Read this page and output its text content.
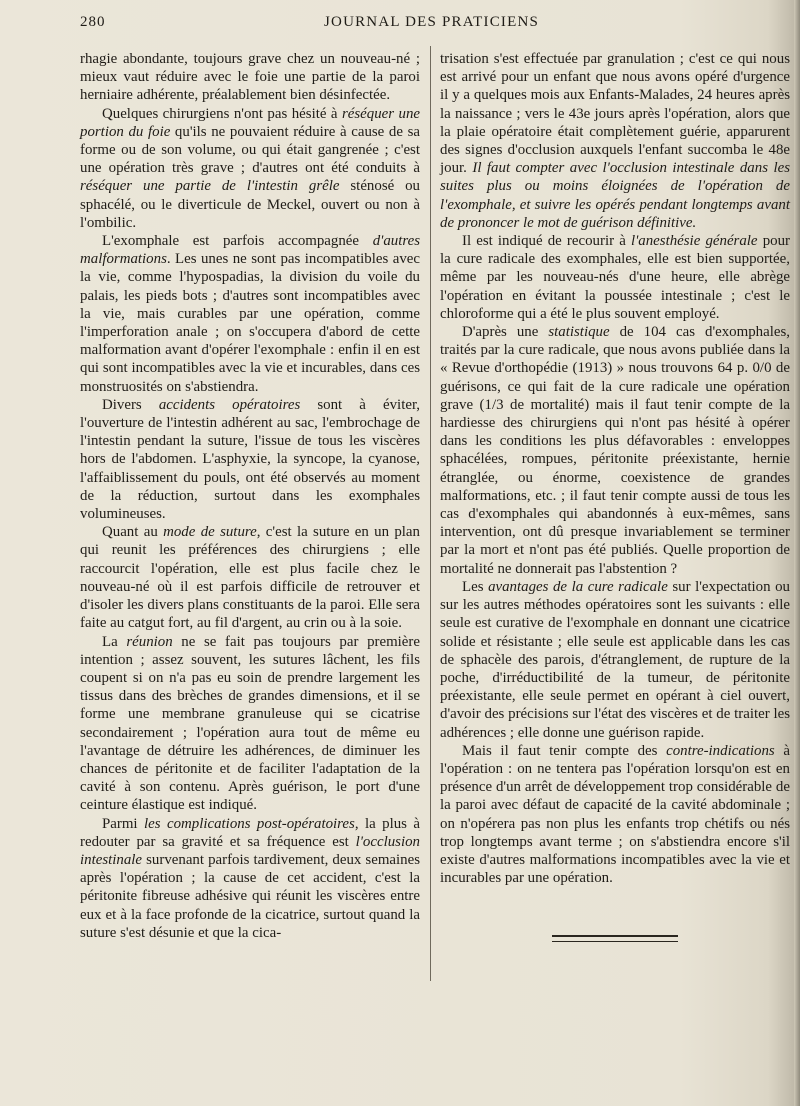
280	JOURNAL DES PRATICIENS

rhagie abondante, toujours grave chez un nouveau-né ; mieux vaut réduire avec le foie une partie de la paroi herniaire adhérente, préalablement bien désinfectée.

Quelques chirurgiens n'ont pas hésité à réséquer une portion du foie qu'ils ne pouvaient réduire à cause de sa forme ou de son volume, ou qui était gangrenée ; c'est une opération très grave ; d'autres ont été conduits à réséquer une partie de l'intestin grêle sténosé ou sphacélé, ou le diverticule de Meckel, ouvert ou non à l'ombilic.

L'exomphale est parfois accompagnée d'autres malformations. Les unes ne sont pas incompatibles avec la vie, comme l'hypospadias, la division du voile du palais, les pieds bots ; d'autres sont incompatibles avec la vie, mais curables par une opération, comme l'imperforation anale ; on s'occupera d'abord de cette malformation avant d'opérer l'exomphale : enfin il en est qui sont incompatibles avec la vie et incurables, dans ces monstruosités on s'abstiendra.

Divers accidents opératoires sont à éviter, l'ouverture de l'intestin adhérent au sac, l'embrochage de l'intestin pendant la suture, l'issue de tous les viscères hors de l'abdomen. L'asphyxie, la syncope, la cyanose, l'affaiblissement du pouls, ont été observés au moment de la réduction, surtout dans les exomphales volumineuses.

Quant au mode de suture, c'est la suture en un plan qui reunit les préférences des chirurgiens ; elle raccourcit l'opération, elle est plus facile chez le nouveau-né où il est parfois difficile de retrouver et d'isoler les divers plans constituants de la paroi. Elle sera faite au catgut fort, au fil d'argent, au crin ou à la soie.

La réunion ne se fait pas toujours par première intention ; assez souvent, les sutures lâchent, les fils coupent si on n'a pas eu soin de prendre largement les tissus dans des brèches de grandes dimensions, et il se forme une membrane granuleuse qui se cicatrise secondairement ; l'opération aura tout de même eu l'avantage de détruire les adhérences, de diminuer les chances de péritonite et de faciliter l'adaptation de la cavité à son contenu. Après guérison, le port d'une ceinture élastique est indiqué.

Parmi les complications post-opératoires, la plus à redouter par sa gravité et sa fréquence est l'occlusion intestinale survenant parfois tardivement, deux semaines après l'opération ; la cause de cet accident, c'est la péritonite fibreuse adhésive qui réunit les viscères entre eux et à la face profonde de la cicatrice, surtout quand la suture s'est désunie et que la cica-

trisation s'est effectuée par granulation ; c'est ce qui nous est arrivé pour un enfant que nous avons opéré d'urgence il y a quelques mois aux Enfants-Malades, 24 heures après la naissance ; vers le 43e jours après l'opération, alors que la plaie opératoire était complètement guérie, apparurent des signes d'occlusion auxquels l'enfant succomba le 48e jour. Il faut compter avec l'occlusion intestinale dans les suites plus ou moins éloignées de l'opération de l'exomphale, et suivre les opérés pendant longtemps avant de prononcer le mot de guérison définitive.

Il est indiqué de recourir à l'anesthésie générale pour la cure radicale des exomphales, elle est bien supportée, même par les nouveau-nés d'une heure, elle abrège l'opération en évitant la poussée intestinale ; c'est le chloroforme qui a été le plus souvent employé.

D'après une statistique de 104 cas d'exomphales, traités par la cure radicale, que nous avons publiée dans la « Revue d'orthopédie (1913) » nous trouvons 64 p. 0/0 de guérisons, ce qui fait de la cure radicale une opération grave (1/3 de mortalité) mais il faut tenir compte de la hardiesse des chirurgiens qui n'ont pas hésité à opérer dans les conditions les plus défavorables : enveloppes sphacélées, rompues, péritonite préexistante, hernie étranglée, ou énorme, coexistence de grandes malformations, etc. ; il faut tenir compte aussi de tous les cas d'exomphales qui abandonnés à eux-mêmes, sans intervention, ont dû presque invariablement se terminer par la mort et n'ont pas été publiés. Quelle proportion de mortalité ne donnerait pas l'abstention ?

Les avantages de la cure radicale sur l'expectation ou sur les autres méthodes opératoires sont les suivants : elle seule est curative de l'exomphale en donnant une cicatrice solide et résistante ; elle seule est applicable dans les cas de sphacèle des parois, d'étranglement, de rupture de la poche, d'irréductibilité de la tumeur, de péritonite préexistante, elle seule permet en opérant à ciel ouvert, d'avoir des précisions sur l'état des viscères et de traiter les adhérences ; elle donne une guérison rapide.

Mais il faut tenir compte des contre-indications à l'opération : on ne tentera pas l'opération lorsqu'on est en présence d'un arrêt de développement trop considérable de la paroi avec défaut de capacité de la cavité abdominale ; on n'opérera pas non plus les enfants trop chétifs ou nés trop longtemps avant terme ; on s'abstiendra encore s'il existe d'autres malformations incompatibles avec la vie et incurables par une opération.
